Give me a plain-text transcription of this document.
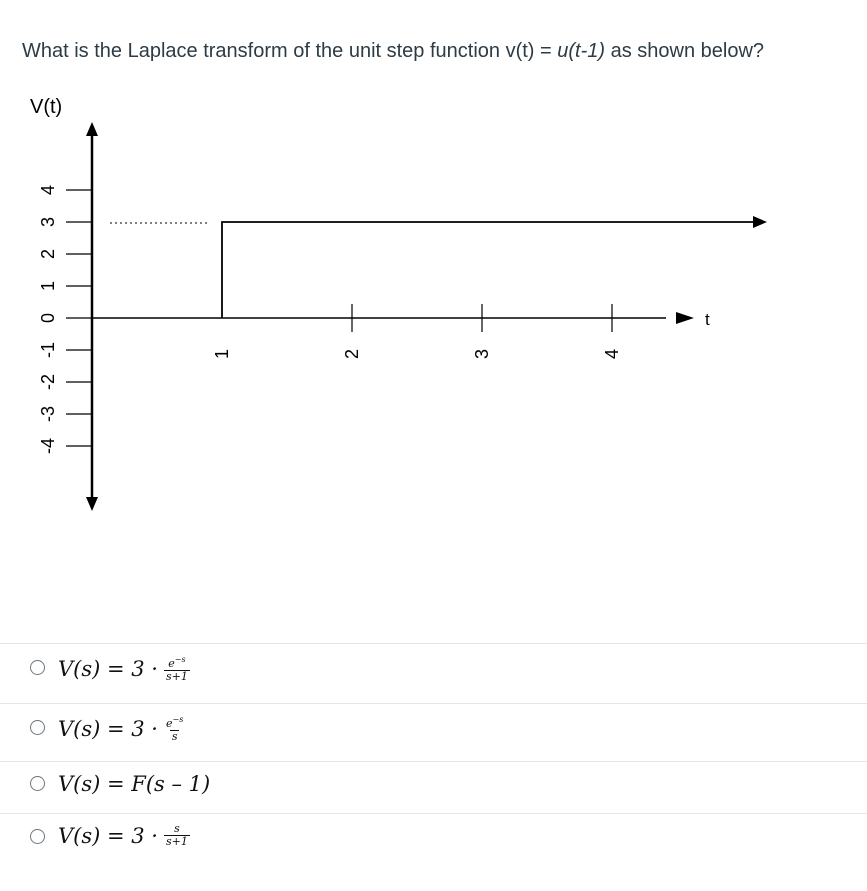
What is the Laplace transform of the unit step function v(t) = u(t-1) as shown below?
t
V(t)
4
3
2
1
0
-1
-2
-3
-4
1	2	3	4
$V(s) = 3 \cdot \frac{e^{-s}}{s+1}$
$V(s) = 3 \cdot \frac{e^{-s}}{s}$
V(s) = F(s – 1)
$V(s) = 3 \cdot \frac{s}{s+1}$
